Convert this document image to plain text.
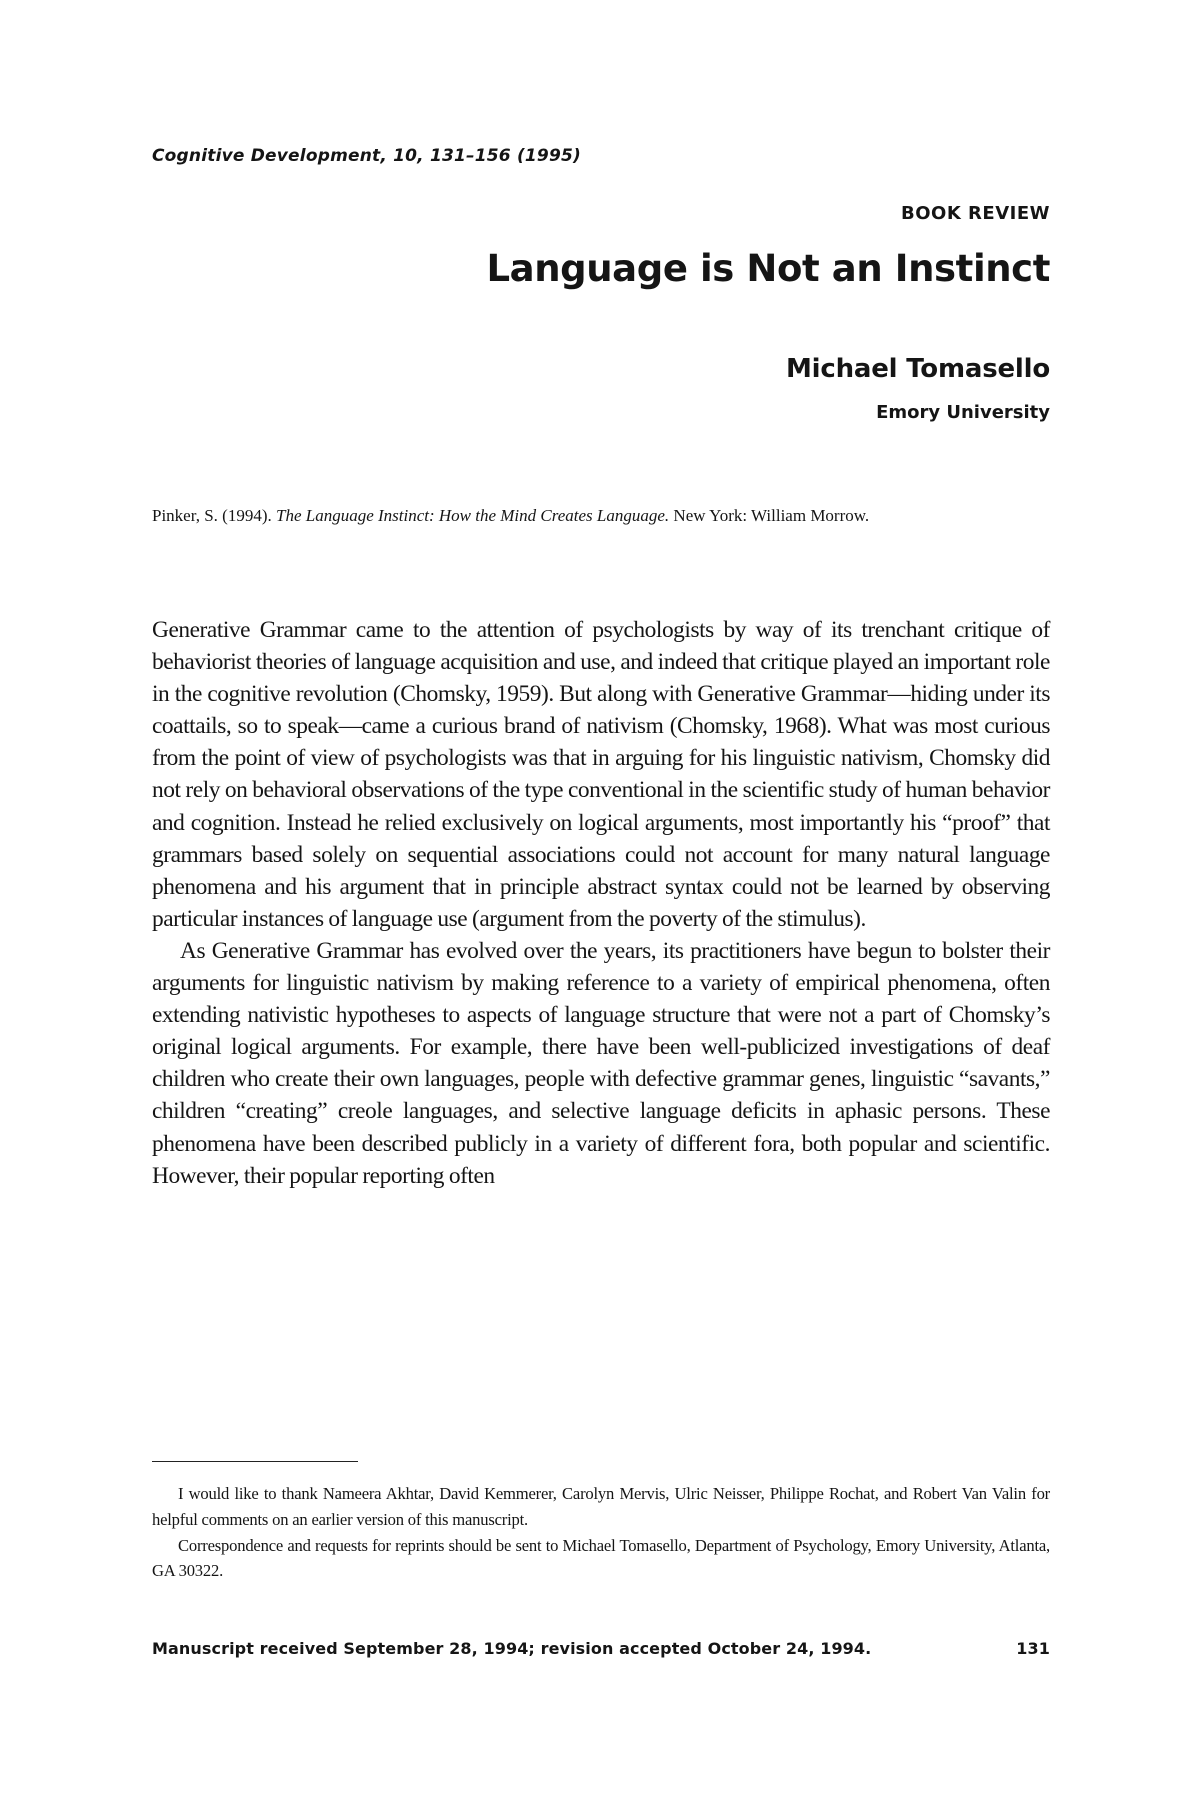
Cognitive Development, 10, 131–156 (1995)
BOOK REVIEW
Language is Not an Instinct
Michael Tomasello
Emory University

Pinker, S. (1994). The Language Instinct: How the Mind Creates Language. New York: William Morrow.

Generative Grammar came to the attention of psychologists by way of its trenchant critique of behaviorist theories of language acquisition and use, and indeed that critique played an important role in the cognitive revolution (Chomsky, 1959). But along with Generative Grammar—hiding under its coattails, so to speak—came a curious brand of nativism (Chomsky, 1968). What was most curious from the point of view of psychologists was that in arguing for his linguistic nativism, Chomsky did not rely on behavioral observations of the type conventional in the scientific study of human behavior and cognition. Instead he relied exclusively on logical arguments, most importantly his “proof” that grammars based solely on sequential associations could not account for many natural language phenomena and his argument that in principle abstract syntax could not be learned by observing particular instances of language use (argument from the poverty of the stimulus).

As Generative Grammar has evolved over the years, its practitioners have begun to bolster their arguments for linguistic nativism by making reference to a variety of empirical phenomena, often extending nativistic hypotheses to aspects of language structure that were not a part of Chomsky’s original logical arguments. For example, there have been well-publicized investigations of deaf children who create their own languages, people with defective grammar genes, linguistic “savants,” children “creating” creole languages, and selective language deficits in aphasic persons. These phenomena have been described publicly in a variety of different fora, both popular and scientific. However, their popular reporting often

I would like to thank Nameera Akhtar, David Kemmerer, Carolyn Mervis, Ulric Neisser, Philippe Rochat, and Robert Van Valin for helpful comments on an earlier version of this manuscript.

Correspondence and requests for reprints should be sent to Michael Tomasello, Department of Psychology, Emory University, Atlanta, GA 30322.

Manuscript received September 28, 1994; revision accepted October 24, 1994.	131
